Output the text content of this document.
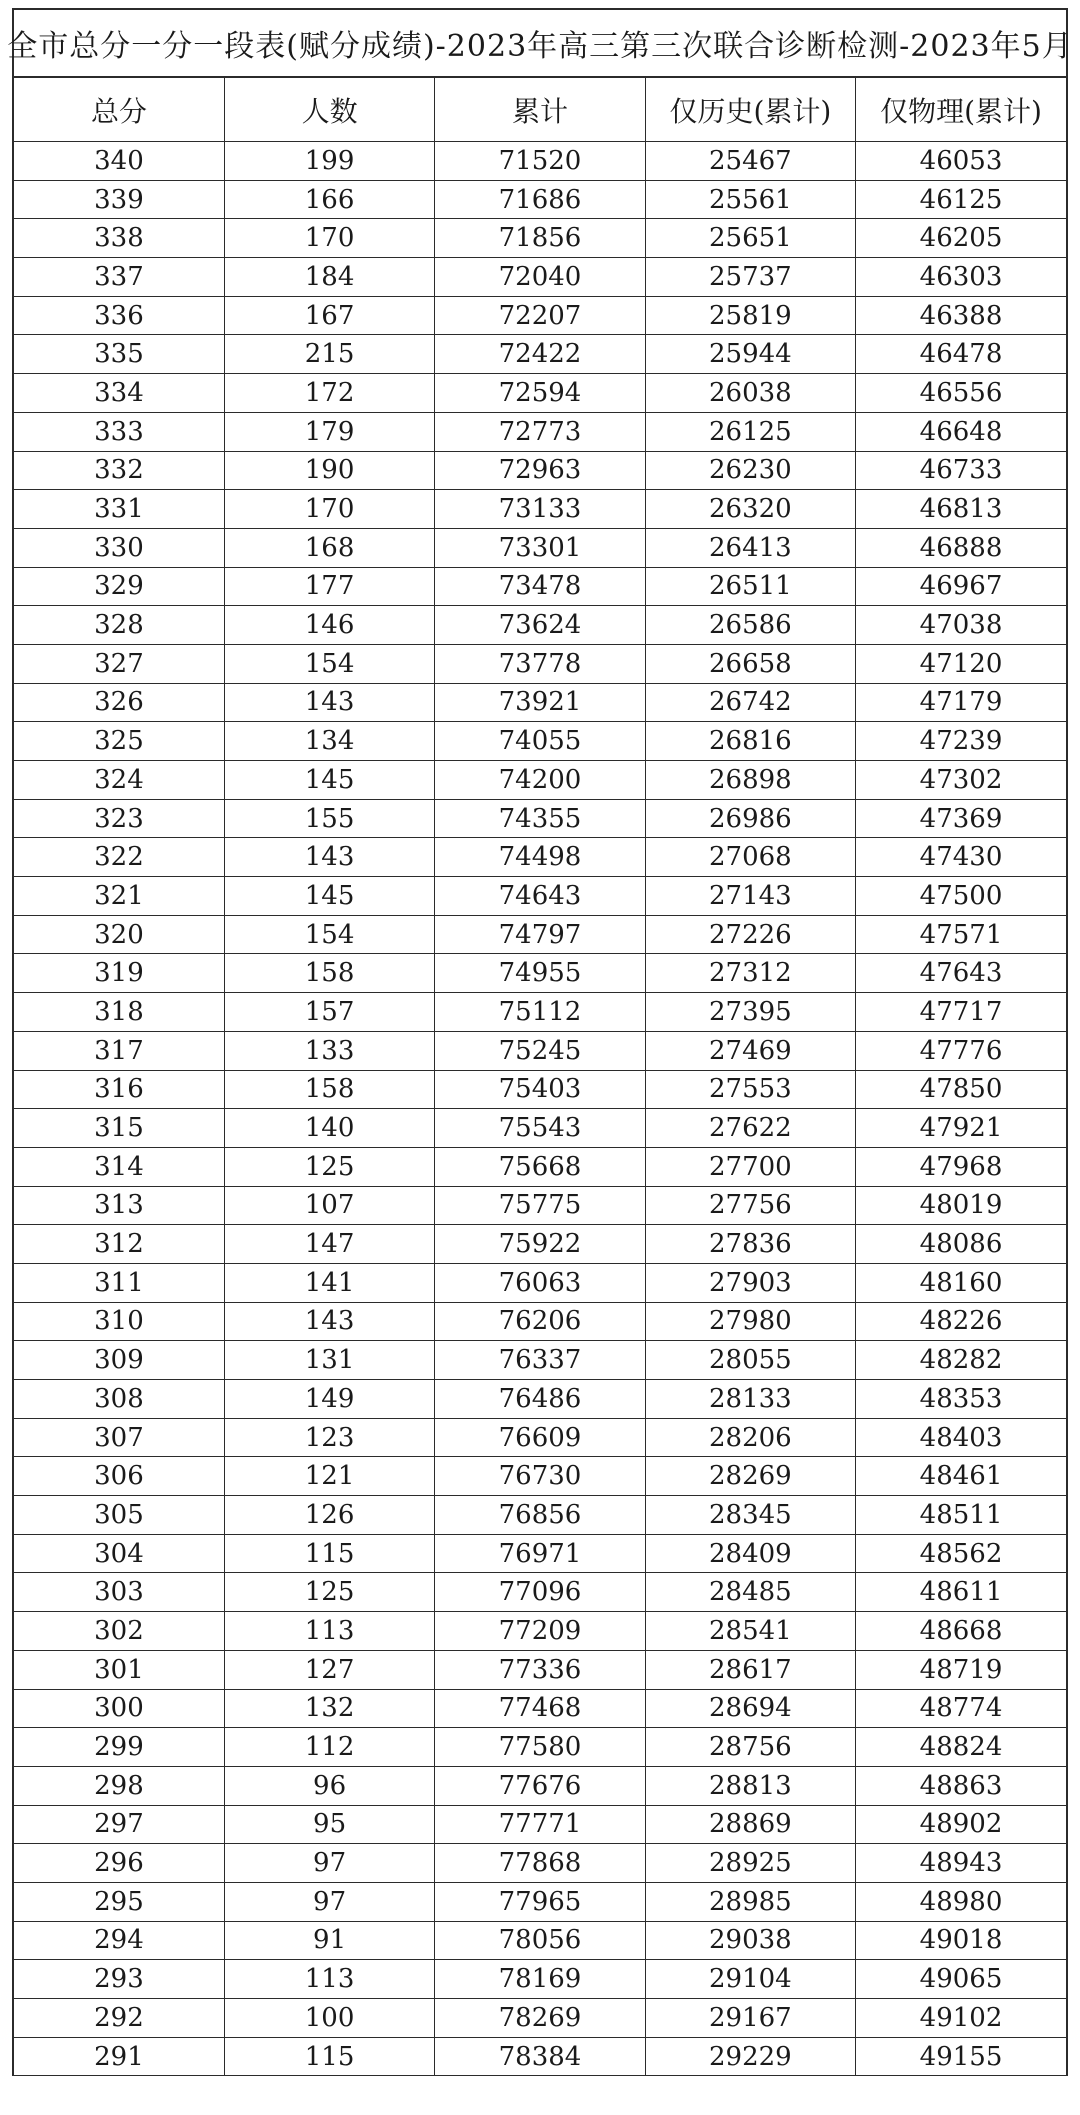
全市总分一分一段表(赋分成绩)-2023年高三第三次联合诊断检测-2023年5月
总分	人数	累计	仅历史(累计)	仅物理(累计)
340	199	71520	25467	46053
339	166	71686	25561	46125
338	170	71856	25651	46205
337	184	72040	25737	46303
336	167	72207	25819	46388
335	215	72422	25944	46478
334	172	72594	26038	46556
333	179	72773	26125	46648
332	190	72963	26230	46733
331	170	73133	26320	46813
330	168	73301	26413	46888
329	177	73478	26511	46967
328	146	73624	26586	47038
327	154	73778	26658	47120
326	143	73921	26742	47179
325	134	74055	26816	47239
324	145	74200	26898	47302
323	155	74355	26986	47369
322	143	74498	27068	47430
321	145	74643	27143	47500
320	154	74797	27226	47571
319	158	74955	27312	47643
318	157	75112	27395	47717
317	133	75245	27469	47776
316	158	75403	27553	47850
315	140	75543	27622	47921
314	125	75668	27700	47968
313	107	75775	27756	48019
312	147	75922	27836	48086
311	141	76063	27903	48160
310	143	76206	27980	48226
309	131	76337	28055	48282
308	149	76486	28133	48353
307	123	76609	28206	48403
306	121	76730	28269	48461
305	126	76856	28345	48511
304	115	76971	28409	48562
303	125	77096	28485	48611
302	113	77209	28541	48668
301	127	77336	28617	48719
300	132	77468	28694	48774
299	112	77580	28756	48824
298	96	77676	28813	48863
297	95	77771	28869	48902
296	97	77868	28925	48943
295	97	77965	28985	48980
294	91	78056	29038	49018
293	113	78169	29104	49065
292	100	78269	29167	49102
291	115	78384	29229	49155
